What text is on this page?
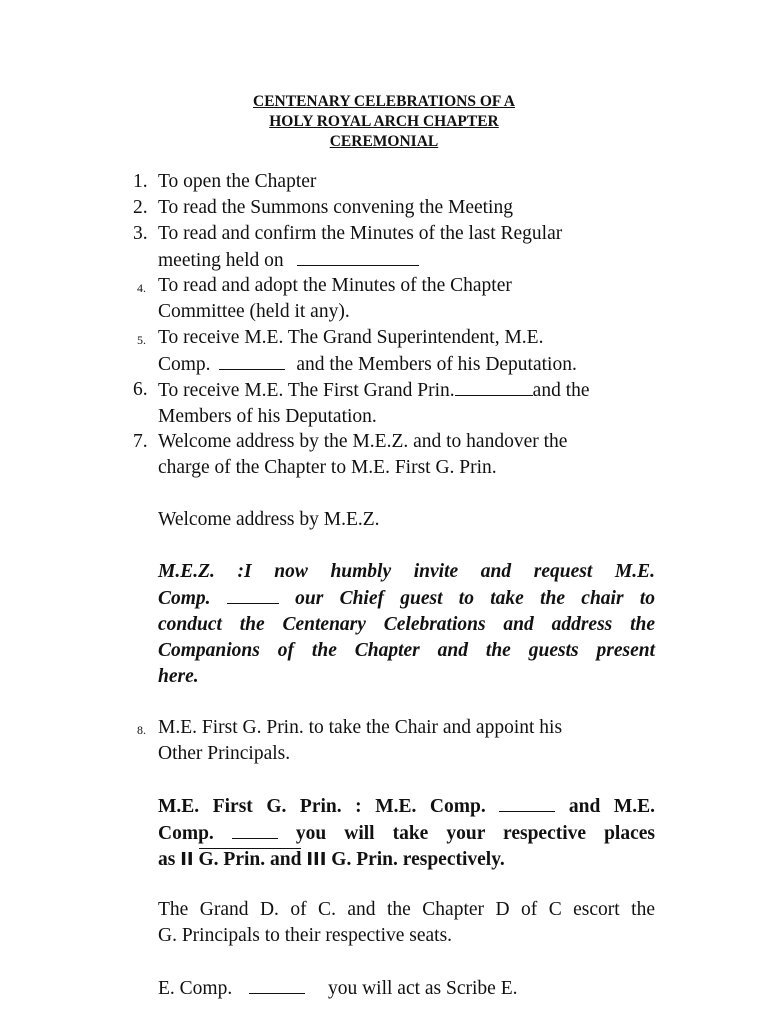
CENTENARY CELEBRATIONS OF A
HOLY ROYAL ARCH CHAPTER
CEREMONIAL
1. To open the Chapter
2. To read the Summons convening the Meeting
3. To read and confirm the Minutes of the last Regular
meeting held on
4. To read and adopt the Minutes of the Chapter
Committee (held it any).
5. To receive M.E. The Grand Superintendent, M.E.
Comp.	and the Members of his Deputation.
6. To receive M.E. The First Grand Prin.	and the
Members of his Deputation.
7. Welcome address by the M.E.Z. and to handover the
charge of the Chapter to M.E. First G. Prin.
Welcome address by M.E.Z.
M.E.Z. :I now humbly invite and request M.E.
Comp.	our Chief guest to take the chair to
conduct the Centenary Celebrations and address the
Companions of the Chapter and the guests present
here.
8. M.E. First G. Prin. to take the Chair and appoint his
Other Principals.
M.E. First G. Prin. : M.E. Comp.	and M.E.
Comp.	you will take your respective places
as II G. Prin. and III G. Prin. respectively.
The Grand D. of C. and the Chapter D of C escort the
G. Principals to their respective seats.
E. Comp.	you will act as Scribe E.
